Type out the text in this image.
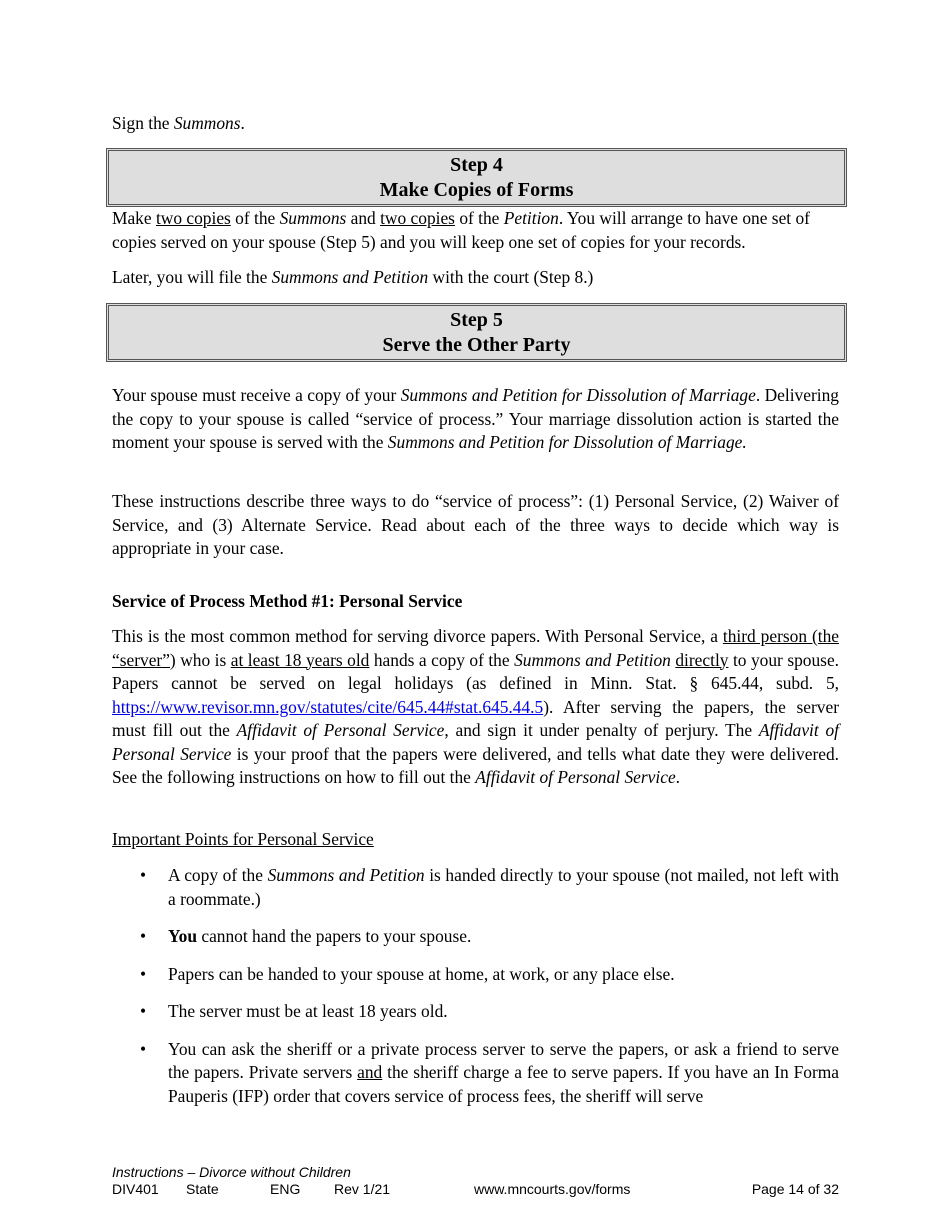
Sign the Summons.

Step 4
Make Copies of Forms

Make two copies of the Summons and two copies of the Petition. You will arrange to have one set of copies served on your spouse (Step 5) and you will keep one set of copies for your records.

Later, you will file the Summons and Petition with the court (Step 8.)

Step 5
Serve the Other Party

Your spouse must receive a copy of your Summons and Petition for Dissolution of Marriage. Delivering the copy to your spouse is called “service of process.” Your marriage dissolution action is started the moment your spouse is served with the Summons and Petition for Dissolution of Marriage.

These instructions describe three ways to do “service of process”: (1) Personal Service, (2) Waiver of Service, and (3) Alternate Service. Read about each of the three ways to decide which way is appropriate in your case.

Service of Process Method #1: Personal Service

This is the most common method for serving divorce papers. With Personal Service, a third person (the “server”) who is at least 18 years old hands a copy of the Summons and Petition directly to your spouse. Papers cannot be served on legal holidays (as defined in Minn. Stat. § 645.44, subd. 5, https://www.revisor.mn.gov/statutes/cite/645.44#stat.645.44.5). After serving the papers, the server must fill out the Affidavit of Personal Service, and sign it under penalty of perjury. The Affidavit of Personal Service is your proof that the papers were delivered, and tells what date they were delivered. See the following instructions on how to fill out the Affidavit of Personal Service.

Important Points for Personal Service

• A copy of the Summons and Petition is handed directly to your spouse (not mailed, not left with a roommate.)
• You cannot hand the papers to your spouse.
• Papers can be handed to your spouse at home, at work, or any place else.
• The server must be at least 18 years old.
• You can ask the sheriff or a private process server to serve the papers, or ask a friend to serve the papers. Private servers and the sheriff charge a fee to serve papers. If you have an In Forma Pauperis (IFP) order that covers service of process fees, the sheriff will serve
Instructions – Divorce without Children
DIV401 State	ENG Rev 1/21	www.mncourts.gov/forms	Page 14 of 32
